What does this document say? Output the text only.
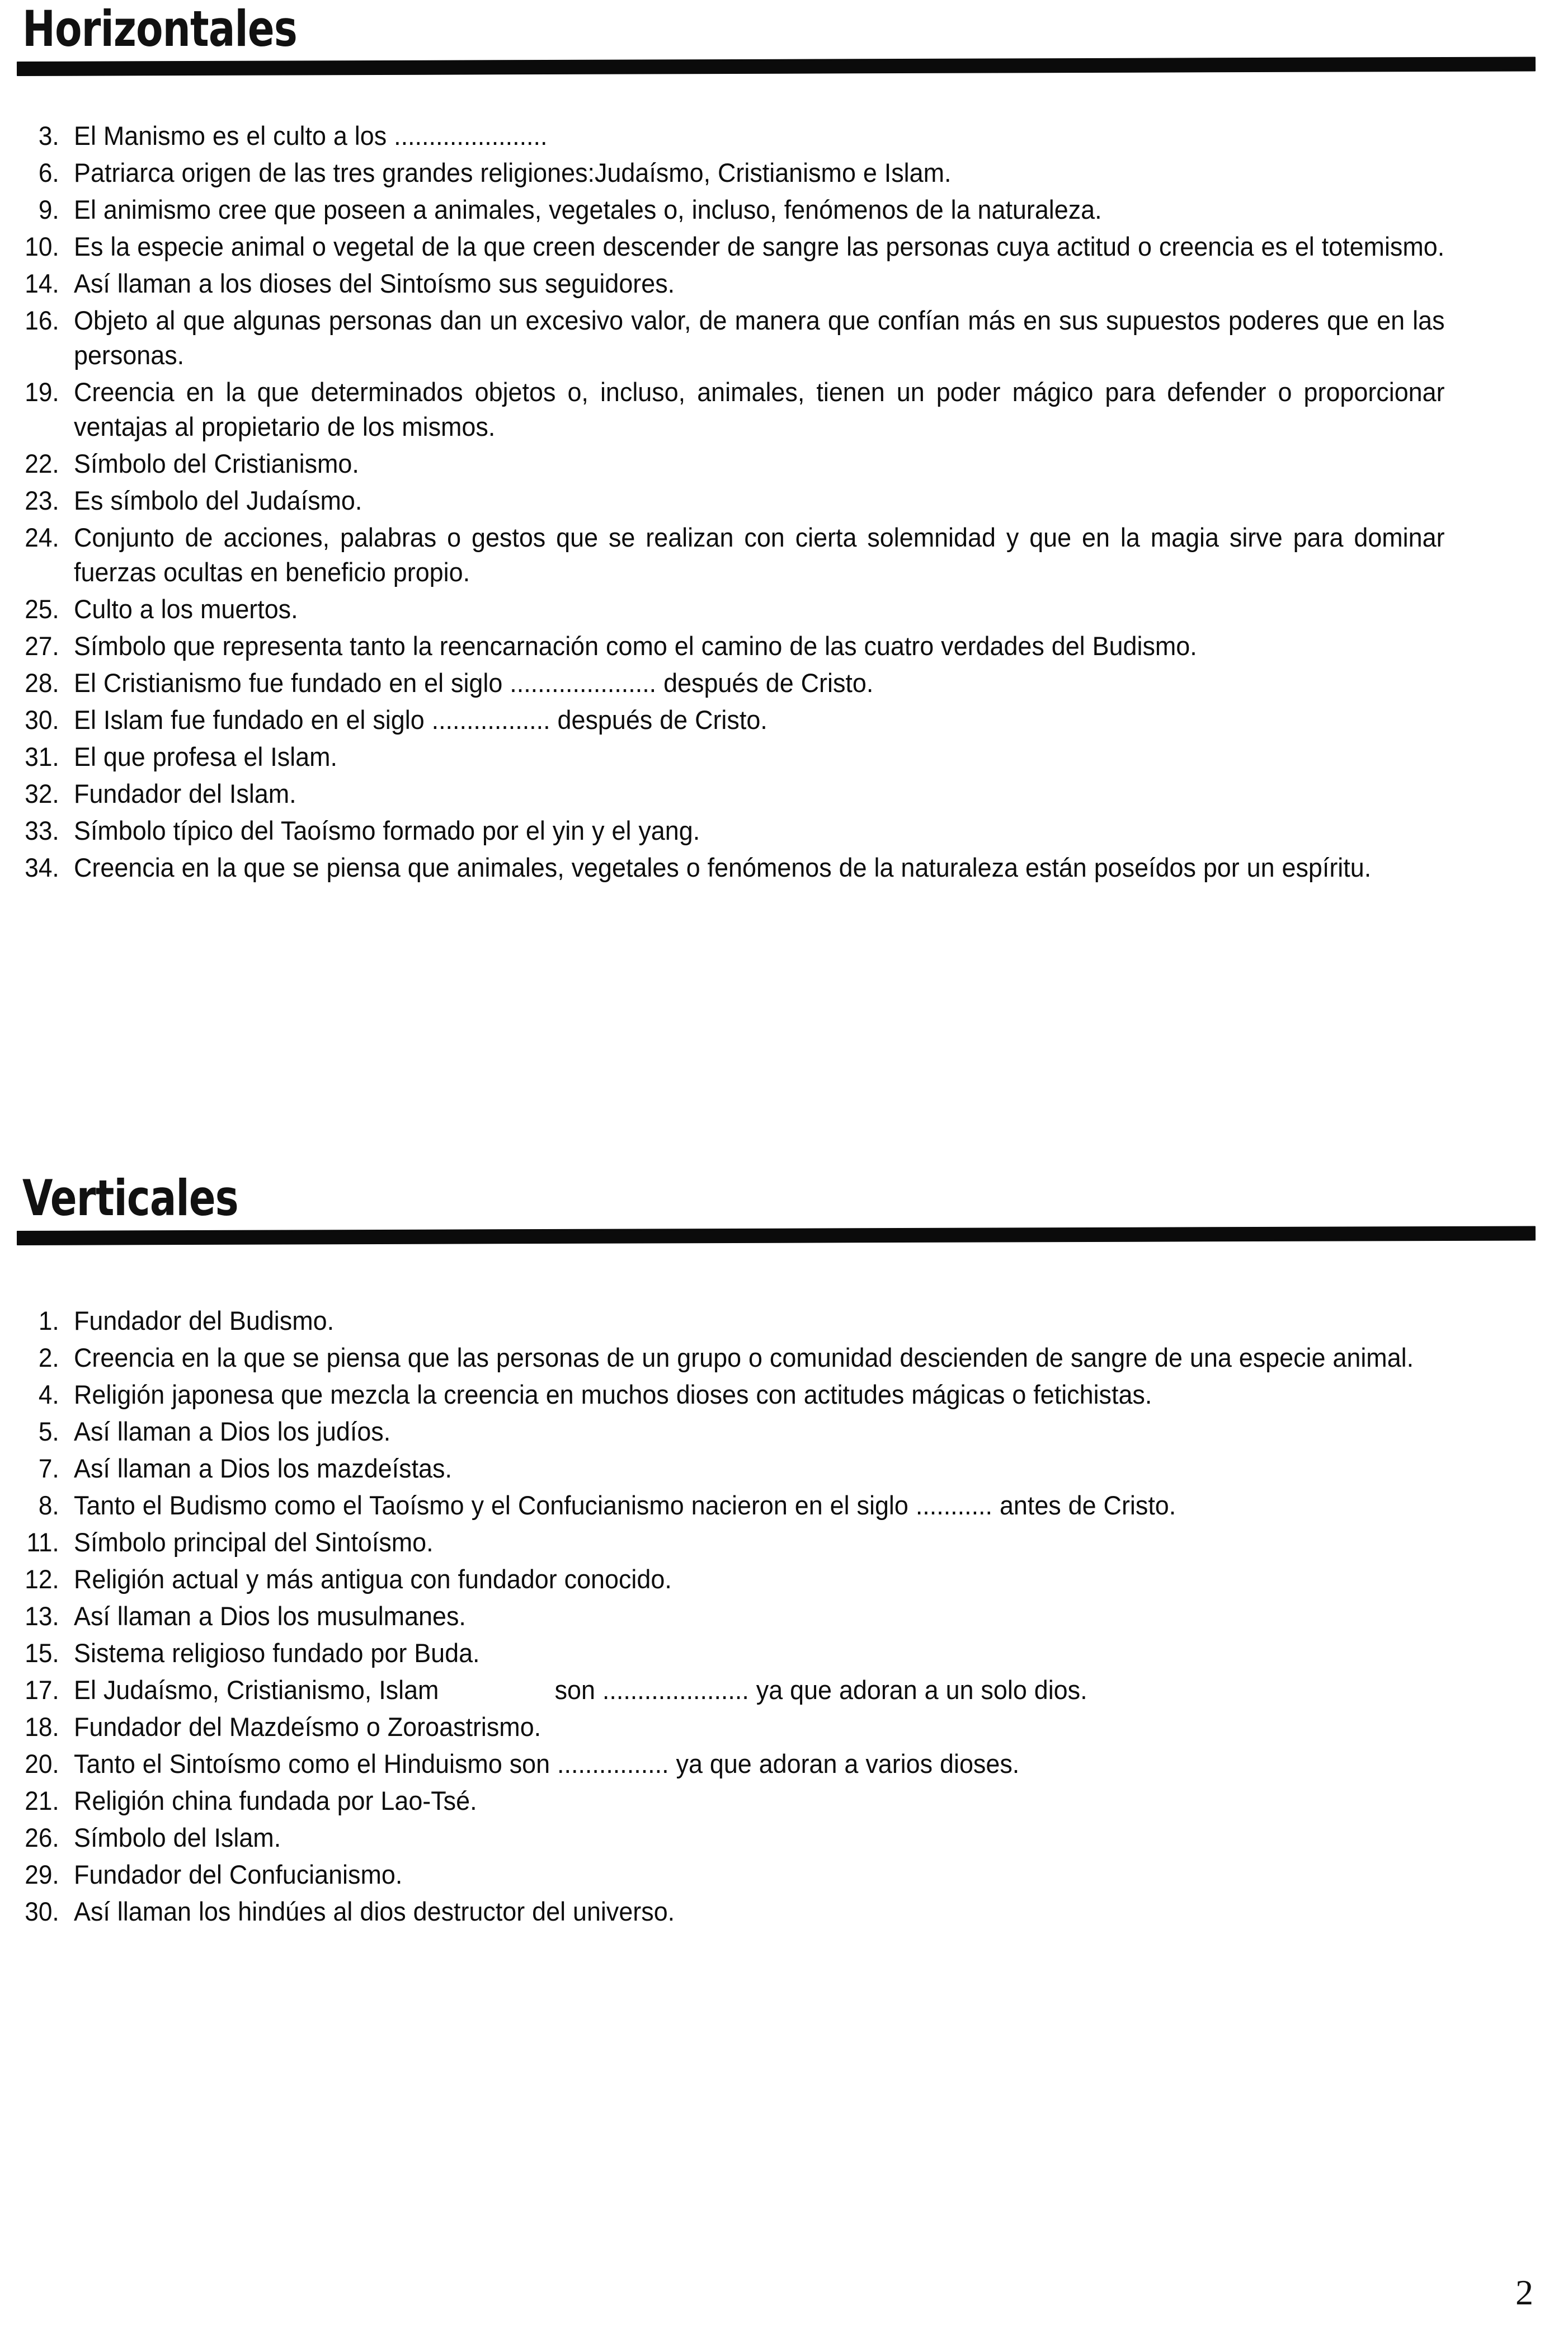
Horizontales
3. El Manismo es el culto a los ......................
6. Patriarca origen de las tres grandes religiones:Judaísmo, Cristianismo e Islam.
9. El animismo cree que poseen a animales, vegetales o, incluso, fenómenos de la naturaleza.
10. Es la especie animal o vegetal de la que creen descender de sangre las personas cuya actitud o creencia es el totemismo.
14. Así llaman a los dioses del Sintoísmo sus seguidores.
16. Objeto al que algunas personas dan un excesivo valor, de manera que confían más en sus supuestos poderes que en las personas.
19. Creencia en la que determinados objetos o, incluso, animales, tienen un poder mágico para defender o proporcionar ventajas al propietario de los mismos.
22. Símbolo del Cristianismo.
23. Es símbolo del Judaísmo.
24. Conjunto de acciones, palabras o gestos que se realizan con cierta solemnidad y que en la magia sirve para dominar fuerzas ocultas en beneficio propio.
25. Culto a los muertos.
27. Símbolo que representa tanto la reencarnación como el camino de las cuatro verdades del Budismo.
28. El Cristianismo fue fundado en el siglo ..................... después de Cristo.
30. El Islam fue fundado en el siglo ................. después de Cristo.
31. El que profesa el Islam.
32. Fundador del Islam.
33. Símbolo típico del Taoísmo formado por el yin y el yang.
34. Creencia en la que se piensa que animales, vegetales o fenómenos de la naturaleza están poseídos por un espíritu.
Verticales
1. Fundador del Budismo.
2. Creencia en la que se piensa que las personas de un grupo o comunidad descienden de sangre de una especie animal.
4. Religión japonesa que mezcla la creencia en muchos dioses con actitudes mágicas o fetichistas.
5. Así llaman a Dios los judíos.
7. Así llaman a Dios los mazdeístas.
8. Tanto el Budismo como el Taoísmo y el Confucianismo nacieron en el siglo ........... antes de Cristo.
11. Símbolo principal del Sintoísmo.
12. Religión actual y más antigua con fundador conocido.
13. Así llaman a Dios los musulmanes.
15. Sistema religioso fundado por Buda.
17. El Judaísmo, Cristianismo, Islam                son ..................... ya que adoran a un solo dios.
18. Fundador del Mazdeísmo o Zoroastrismo.
20. Tanto el Sintoísmo como el Hinduismo son ................ ya que adoran a varios dioses.
21. Religión china fundada por Lao-Tsé.
26. Símbolo del Islam.
29. Fundador del Confucianismo.
30. Así llaman los hindúes al dios destructor del universo.
2
